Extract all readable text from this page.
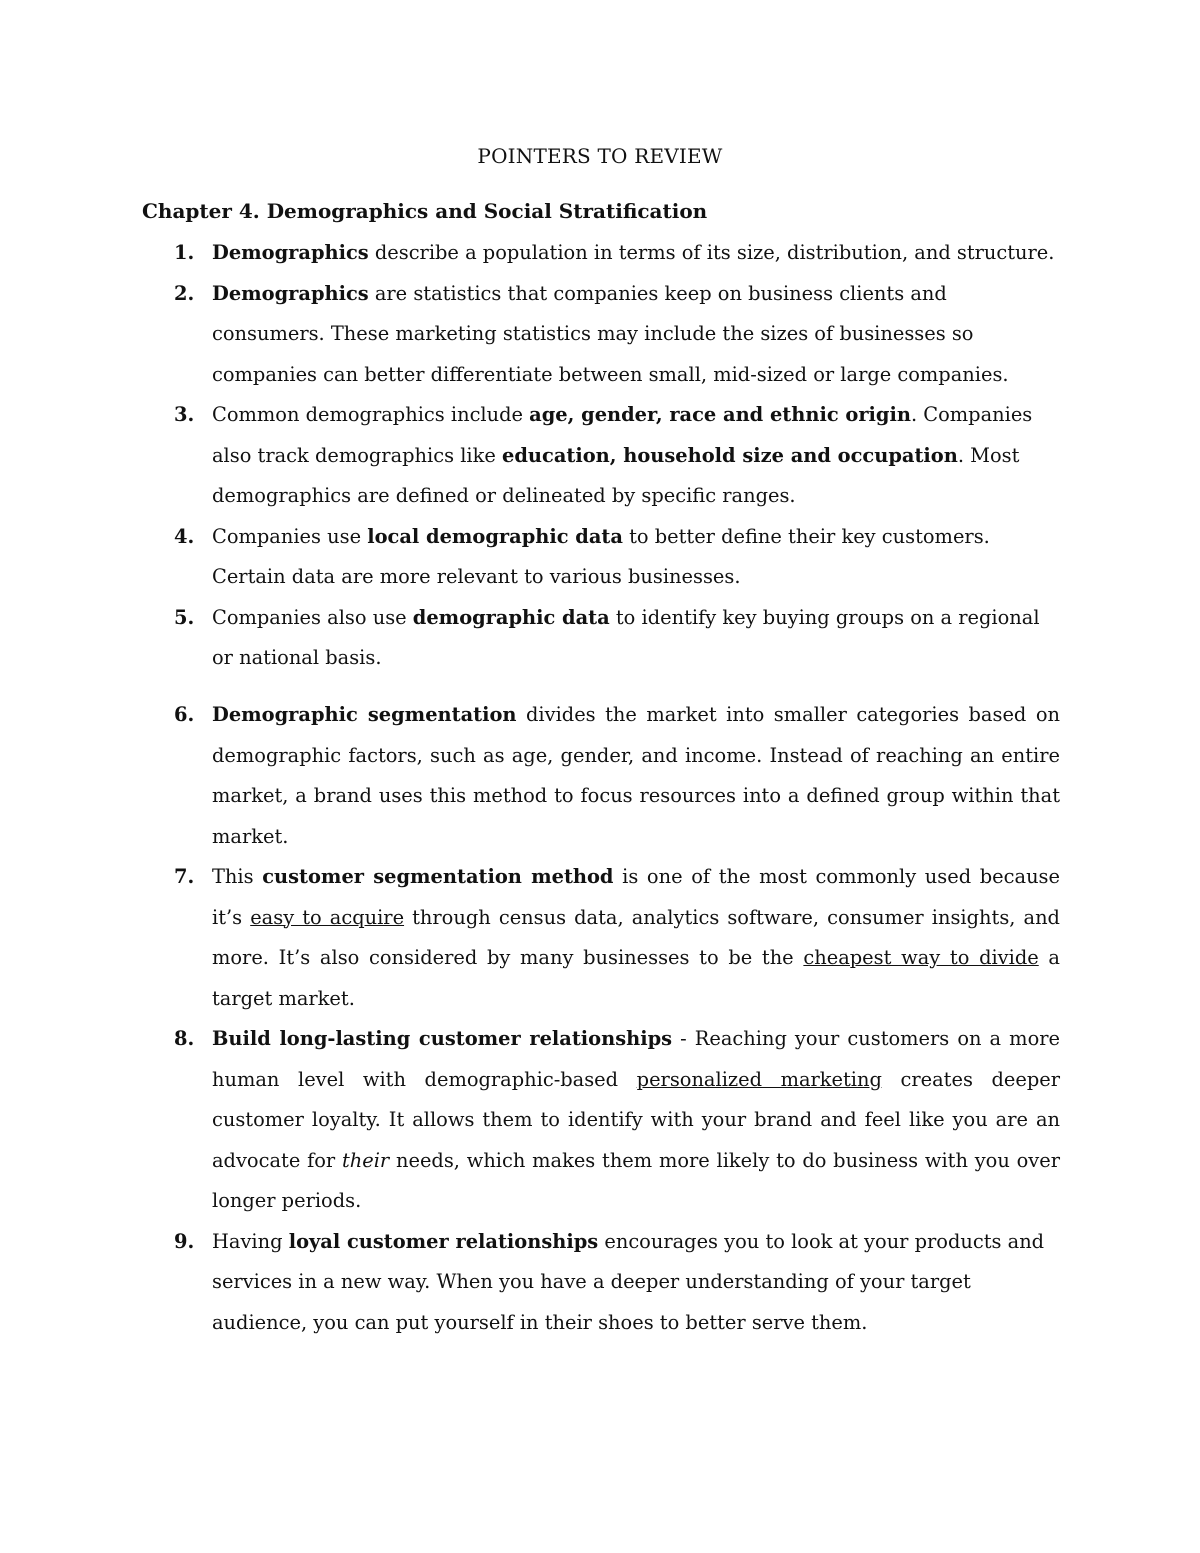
POINTERS TO REVIEW
Chapter 4. Demographics and Social Stratification
1. Demographics describe a population in terms of its size, distribution, and structure.
2. Demographics are statistics that companies keep on business clients and consumers. These marketing statistics may include the sizes of businesses so companies can better differentiate between small, mid-sized or large companies.
3. Common demographics include age, gender, race and ethnic origin. Companies also track demographics like education, household size and occupation. Most demographics are defined or delineated by specific ranges.
4. Companies use local demographic data to better define their key customers. Certain data are more relevant to various businesses.
5. Companies also use demographic data to identify key buying groups on a regional or national basis.
6. Demographic segmentation divides the market into smaller categories based on demographic factors, such as age, gender, and income. Instead of reaching an entire market, a brand uses this method to focus resources into a defined group within that market.
7. This customer segmentation method is one of the most commonly used because it’s easy to acquire through census data, analytics software, consumer insights, and more. It’s also considered by many businesses to be the cheapest way to divide a target market.
8. Build long-lasting customer relationships - Reaching your customers on a more human level with demographic-based personalized marketing creates deeper customer loyalty. It allows them to identify with your brand and feel like you are an advocate for their needs, which makes them more likely to do business with you over longer periods.
9. Having loyal customer relationships encourages you to look at your products and services in a new way. When you have a deeper understanding of your target audience, you can put yourself in their shoes to better serve them.
